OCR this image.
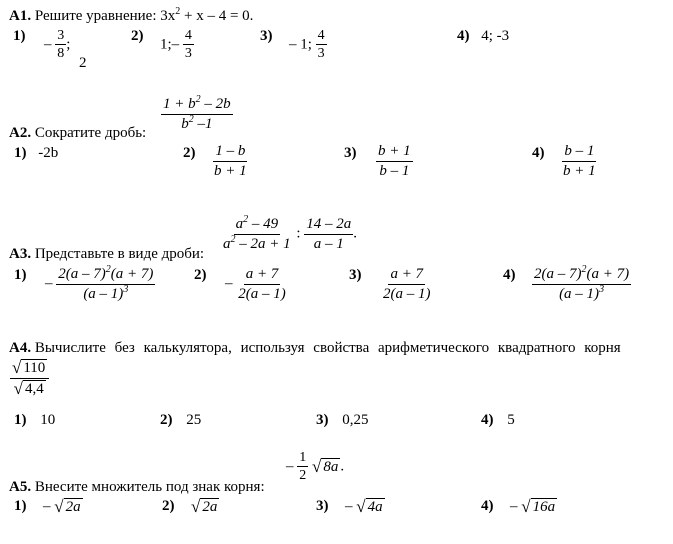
А1. Решите уравнение: $3x^2 + x - 4 = 0$.
1)
– $\frac{3}{8}$ ;
2
2)
1;– $\frac{4}{3}$	3)
– 1; $\frac{4}{3}$	4) 4; -3
$\frac{1 + b^2 - 2b}{b^2 -1}$
А2. Сократите дробь:
1) -2b	$2) \frac{1 - b}{b + 1}$	$3) \frac{b + 1}{b - 1}$	$4) \frac{b - 1}{b + 1}$
А3. Представьте в виде дроби:
$\frac{a^2 - 49}{a^2 - 2a + 1}$ : $\frac{14 - 2a}{a - 1}$ .
1)
– $\frac{2(a - 7)^2(a + 7)}{(a - 1)^3}$	2)
– $\frac{a + 7}{2(a - 1)}$	$3) \frac{a + 7}{2(a - 1)}$	$4) \frac{2(a - 7)^2(a + 7)}{(a - 1)^3}$
А4. Вычислите без калькулятора, используя свойства арифметического квадратного корня
$\frac{√ 110}{√ 4,4}$
1) 10	2) 25	3) 0,25	4) 5
– $\frac{1}{2}$
√ 8a .
А5. Внесите множитель под знак корня:
1) – √ 2a	2) √ 2a	3) – √ 4a	4) – √ 16a
